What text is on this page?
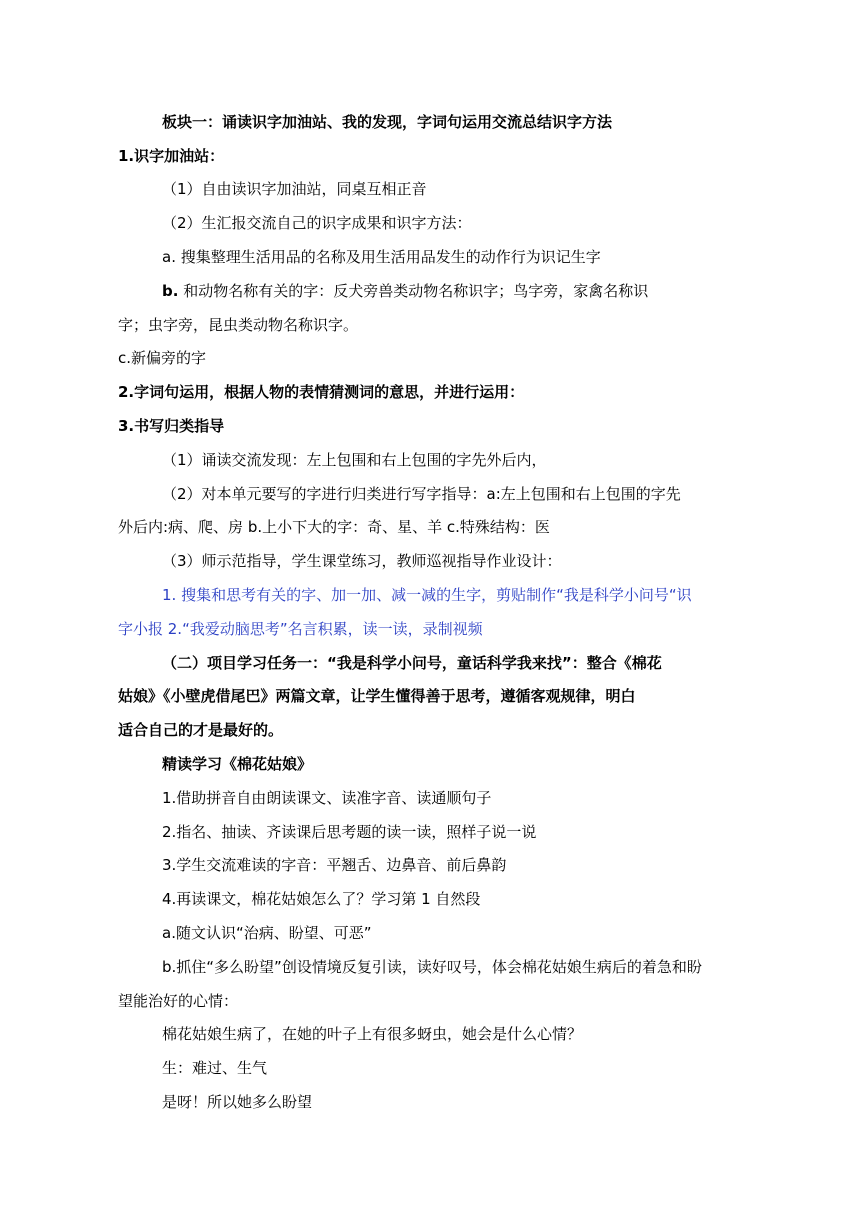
板块一：诵读识字加油站、我的发现，字词句运用交流总结识字方法
1.识字加油站：
（1）自由读识字加油站，同桌互相正音
（2）生汇报交流自己的识字成果和识字方法：
a. 搜集整理生活用品的名称及用生活用品发生的动作行为识记生字
b. 和动物名称有关的字：反犬旁兽类动物名称识字；鸟字旁，家禽名称识
字；虫字旁，昆虫类动物名称识字。
c.新偏旁的字
2.字词句运用，根据人物的表情猜测词的意思，并进行运用：
3.书写归类指导
（1）诵读交流发现：左上包围和右上包围的字先外后内，
（2）对本单元要写的字进行归类进行写字指导：a:左上包围和右上包围的字先
外后内:病、爬、房 b.上小下大的字：奇、星、羊 c.特殊结构：医
（3）师示范指导，学生课堂练习，教师巡视指导作业设计：
1. 搜集和思考有关的字、加一加、减一减的生字，剪贴制作“我是科学小问号“识
字小报 2.“我爱动脑思考”名言积累，读一读，录制视频
（二）项目学习任务一：“我是科学小问号，童话科学我来找”：整合《棉花
姑娘》《小壁虎借尾巴》两篇文章，让学生懂得善于思考，遵循客观规律，明白
适合自己的才是最好的。
精读学习《棉花姑娘》
1.借助拼音自由朗读课文、读准字音、读通顺句子
2.指名、抽读、齐读课后思考题的读一读，照样子说一说
3.学生交流难读的字音：平翘舌、边鼻音、前后鼻韵
4.再读课文，棉花姑娘怎么了？学习第 1 自然段
a.随文认识“治病、盼望、可恶”
b.抓住“多么盼望”创设情境反复引读，读好叹号，体会棉花姑娘生病后的着急和盼
望能治好的心情：
棉花姑娘生病了，在她的叶子上有很多蚜虫，她会是什么心情？
生：难过、生气
是呀！所以她多么盼望
